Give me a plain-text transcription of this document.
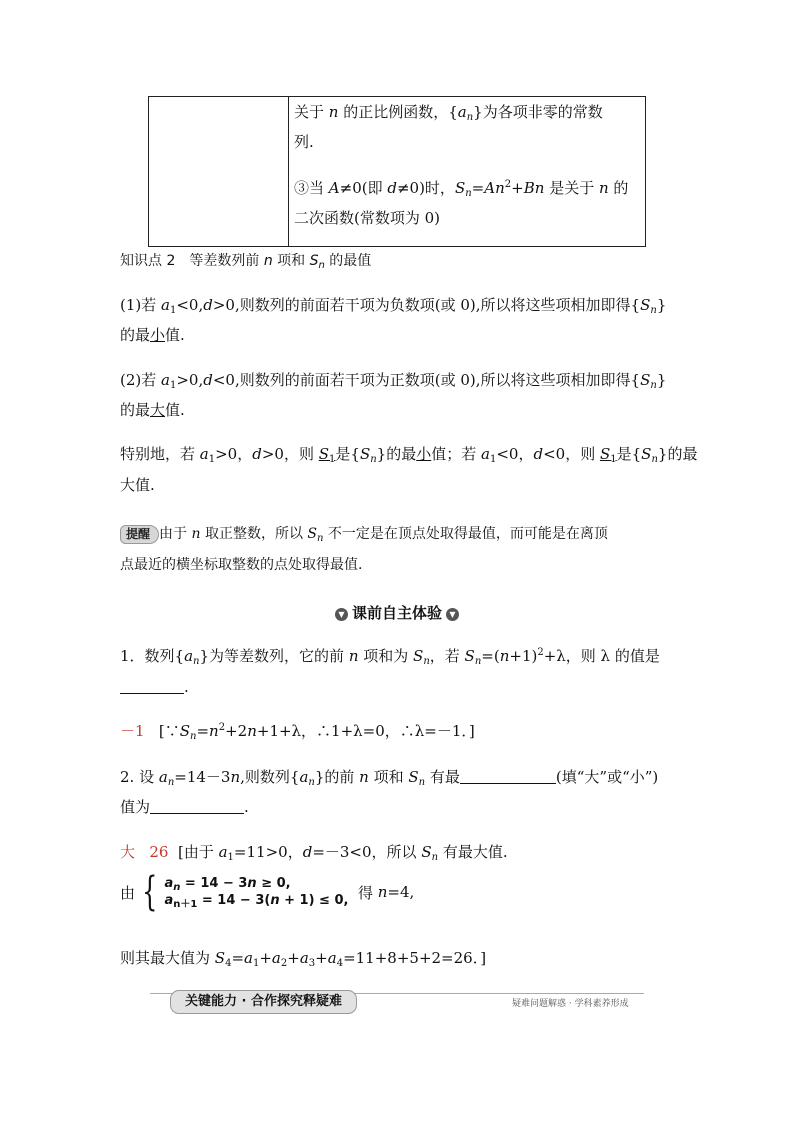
关于 n 的正比例函数，$\{a_n\}$为各项非零的常数
列.
③当 A≠0(即 d≠0)时，$S_n=An^2+Bn$ 是关于 n 的
二次函数(常数项为 0)
知识点 2　等差数列前 n 项和 $S_n$ 的最值
(1)若 $a_1<0,d>0$,则数列的前面若干项为负数项(或 0),所以将这些项相加即得$\{S_n\}$
的最小值.
(2)若 $a_1>0,d<0$,则数列的前面若干项为正数项(或 0),所以将这些项相加即得$\{S_n\}$
的最大值.
特别地，若 $a_1>0$，d>0，则 $S_1$是$\{S_n\}$的最小值；若 $a_1<0$，d<0，则 $S_1$是$\{S_n\}$的最
大值.
提醒 由于 n 取正整数，所以 $S_n$ 不一定是在顶点处取得最值，而可能是在离顶
点最近的横坐标取整数的点处取得最值.
▼ 课前自主体验 ▼
1．数列$\{a_n\}$为等差数列，它的前 n 项和为 $S_n$，若 $S_n=(n+1)^2+\lambda$，则 λ 的值是
.
－1 [$\because S_n=n^2+2n+1+\lambda$，∴1+λ=0，∴λ=－1．]
2. 设 $a_n=14-3n$,则数列$\{a_n\}$的前 n 项和 $S_n$ 有最	(填“大”或“小”)
值为	.
大 26 [由于 $a_1=11>0$，d=－3<0，所以 $S_n$ 有最大值.
由 { $a_n = 14 - 3n \ge 0$,
$a_{n+1} = 14 - 3(n + 1) \le 0$, 得 n =4,
则其最大值为 $S_4=a_1+a_2+a_3+a_4=11+8+5+2=26$．]
关键能力 · 合作探究释疑难	疑难问题解惑 · 学科素养形成
